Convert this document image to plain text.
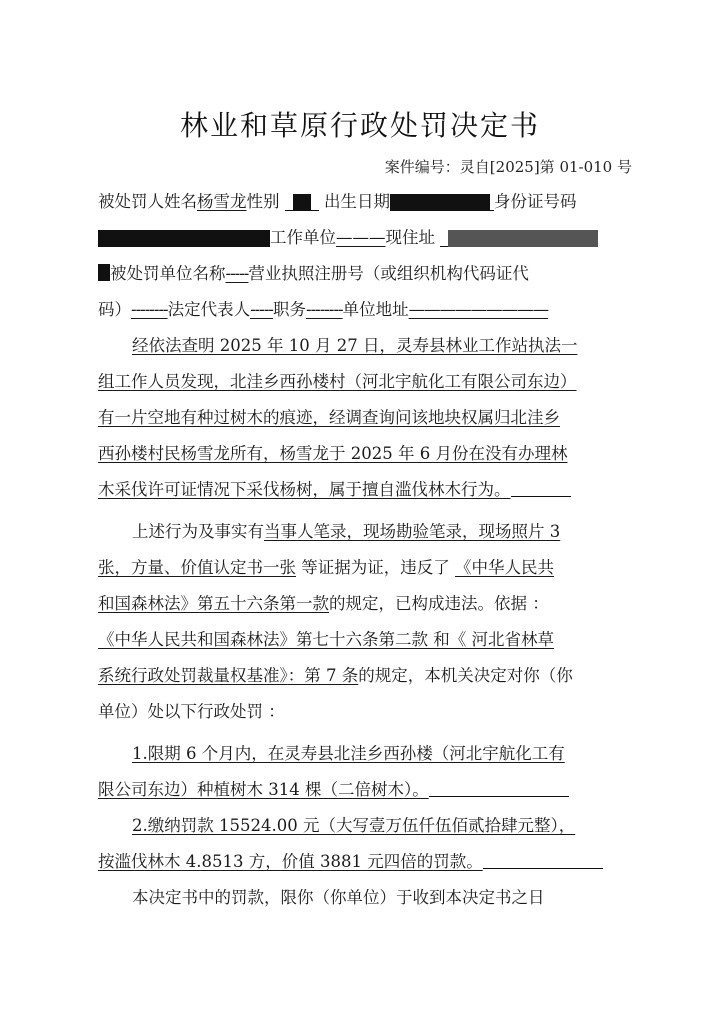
林业和草原行政处罚决定书
案件编号：灵自[2025]第 01-010 号
被处罚人姓名杨雪龙性别	出生日期	身份证号码
工作单位———现住址
被处罚单位名称-----营业执照注册号（或组织机构代码证代
码）--------法定代表人-----职务--------单位地址—————————
经依法查明 2025 年 10 月 27 日，灵寿县林业工作站执法一
组工作人员发现，北洼乡西孙楼村（河北宇航化工有限公司东边）
有一片空地有种过树木的痕迹，经调查询问该地块权属归北洼乡
西孙楼村民杨雪龙所有，杨雪龙于 2025 年 6 月份在没有办理林
木采伐许可证情况下采伐杨树，属于擅自滥伐林木行为。
上述行为及事实有当事人笔录，现场勘验笔录，现场照片 3
张，方量、价值认定书一张 等证据为证，违反了 《中华人民共
和国森林法》第五十六条第一款的规定，已构成违法。依据 ：
《中华人民共和国森林法》第七十六条第二款 和《 河北省林草
系统行政处罚裁量权基准》：第 7 条的规定，本机关决定对你（你
单位）处以下行政处罚 ：
1.限期 6 个月内，在灵寿县北洼乡西孙楼（河北宇航化工有
限公司东边）种植树木 314 棵（二倍树木）。
2.缴纳罚款 15524.00 元（大写壹万伍仟伍佰贰拾肆元整），
按滥伐林木 4.8513 方，价值 3881 元四倍的罚款。
本决定书中的罚款，限你（你单位）于收到本决定书之日
